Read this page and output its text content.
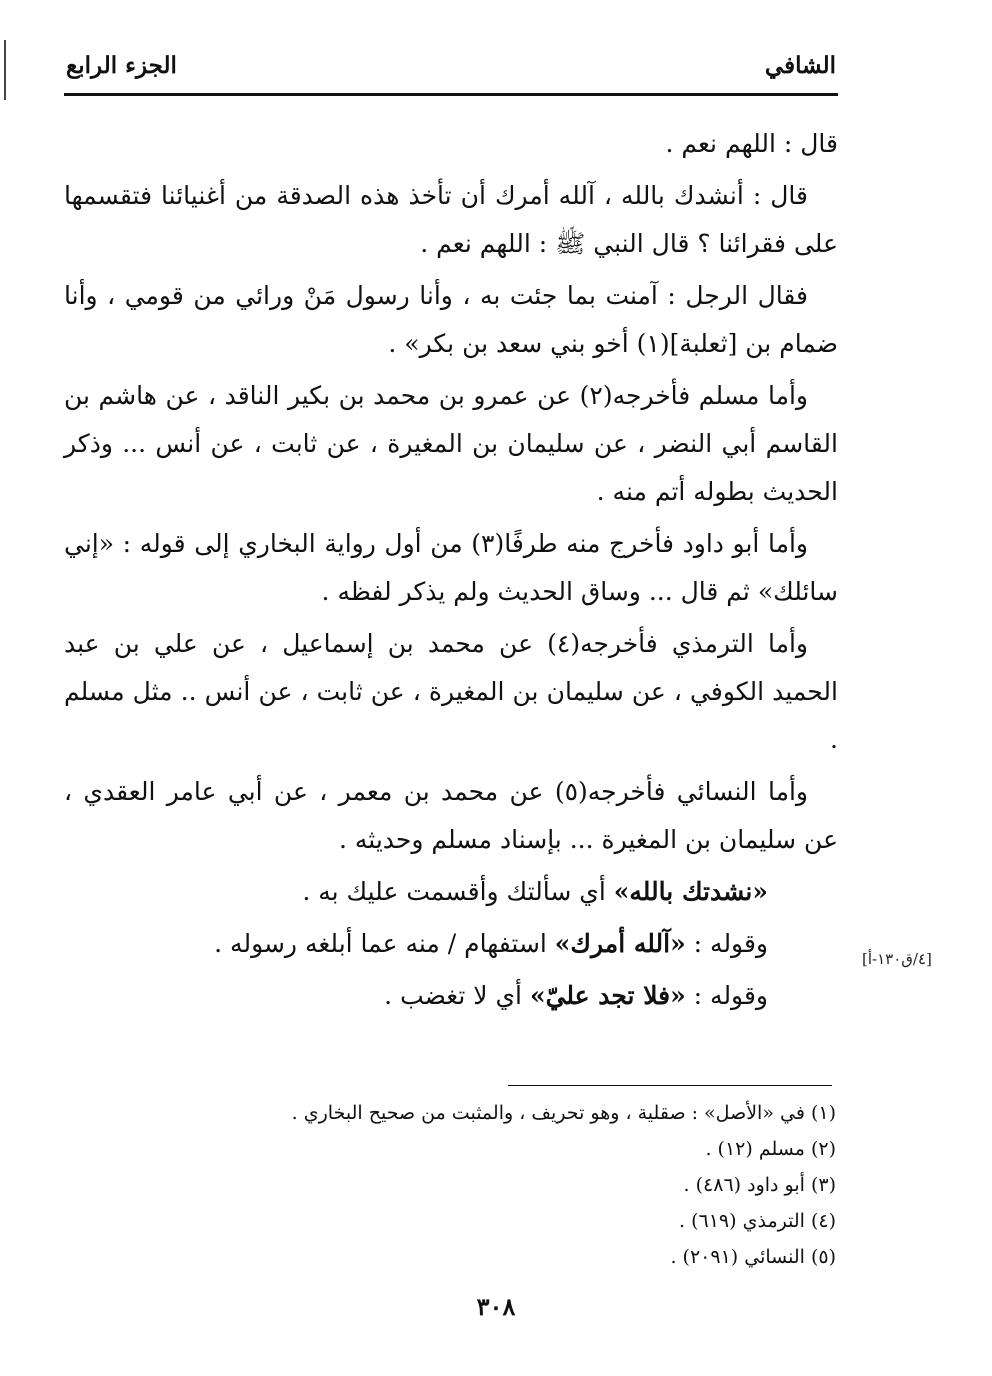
الشافي
الجزء الرابع

قال : اللهم نعم .

قال : أنشدك بالله ، آلله أمرك أن تأخذ هذه الصدقة من أغنيائنا فتقسمها على فقرائنا ؟ قال النبي ﷺ : اللهم نعم .

فقال الرجل : آمنت بما جئت به ، وأنا رسول مَنْ ورائي من قومي ، وأنا ضمام بن [ثعلبة](١) أخو بني سعد بن بكر» .

وأما مسلم فأخرجه(٢) عن عمرو بن محمد بن بكير الناقد ، عن هاشم بن القاسم أبي النضر ، عن سليمان بن المغيرة ، عن ثابت ، عن أنس ... وذكر الحديث بطوله أتم منه .

وأما أبو داود فأخرج منه طرفًا(٣) من أول رواية البخاري إلى قوله : «إني سائلك» ثم قال ... وساق الحديث ولم يذكر لفظه .

وأما الترمذي فأخرجه(٤) عن محمد بن إسماعيل ، عن علي بن عبد الحميد الكوفي ، عن سليمان بن المغيرة ، عن ثابت ، عن أنس .. مثل مسلم .

وأما النسائي فأخرجه(٥) عن محمد بن معمر ، عن أبي عامر العقدي ، عن سليمان بن المغيرة ... بإسناد مسلم وحديثه .

«نشدتك بالله» أي سألتك وأقسمت عليك به .

وقوله : «آلله أمرك» استفهام / منه عما أبلغه رسوله .

وقوله : «فلا تجد عليّ» أي لا تغضب .

[٤/ق١٣٠-أ]

(١) في «الأصل» : صقلية ، وهو تحريف ، والمثبت من صحيح البخاري .

(٢) مسلم (١٢) .

(٣) أبو داود (٤٨٦) .

(٤) الترمذي (٦١٩) .

(٥) النسائي (٢٠٩١) .

٣٠٨
